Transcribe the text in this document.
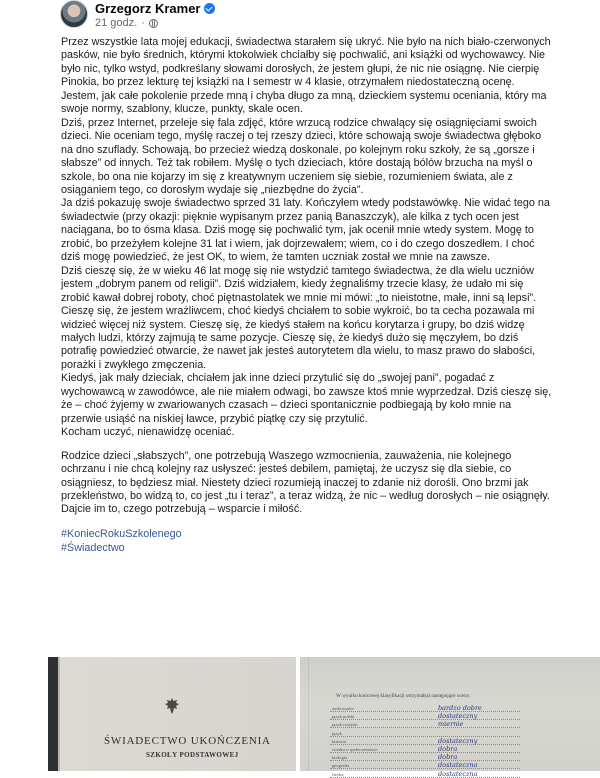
Grzegorz Kramer
21 godz. ·

Przez wszystkie lata mojej edukacji, świadectwa starałem się ukryć. Nie było na nich biało-czerwonych pasków, nie było średnich, którymi ktokolwiek chciałby się pochwalić, ani książki od wychowawcy. Nie było nic, tylko wstyd, podkreślany słowami dorosłych, że jestem głupi, że nic nie osiągnę. Nie cierpię Pinokia, bo przez lekturę tej książki na I semestr w 4 klasie, otrzymałem niedostateczną ocenę. Jestem, jak całe pokolenie przede mną i chyba długo za mną, dzieckiem systemu oceniania, który ma swoje normy, szablony, klucze, punkty, skale ocen.

Dziś, przez Internet, przeleje się fala zdjęć, które wrzucą rodzice chwalący się osiągnięciami swoich dzieci. Nie oceniam tego, myślę raczej o tej rzeszy dzieci, które schowają swoje świadectwa głęboko na dno szuflady. Schowają, bo przecież wiedzą doskonale, po kolejnym roku szkoły, że są „gorsze i słabsze” od innych. Też tak robiłem. Myślę o tych dzieciach, które dostają bólów brzucha na myśl o szkole, bo ona nie kojarzy im się z kreatywnym uczeniem się siebie, rozumieniem świata, ale z osiąganiem tego, co dorosłym wydaje się „niezbędne do życia”.

Ja dziś pokazuję swoje świadectwo sprzed 31 laty. Kończyłem wtedy podstawówkę. Nie widać tego na świadectwie (przy okazji: pięknie wypisanym przez panią Banaszczyk), ale kilka z tych ocen jest naciągana, bo to ósma klasa. Dziś mogę się pochwalić tym, jak ocenił mnie wtedy system. Mogę to zrobić, bo przeżyłem kolejne 31 lat i wiem, jak dojrzewałem; wiem, co i do czego doszedłem. I choć dziś mogę powiedzieć, że jest OK, to wiem, że tamten uczniak został we mnie na zawsze.

Dziś cieszę się, że w wieku 46 lat mogę się nie wstydzić tamtego świadectwa, że dla wielu uczniów jestem „dobrym panem od religii”. Dziś widziałem, kiedy żegnaliśmy trzecie klasy, że udało mi się zrobić kawał dobrej roboty, choć piętnastolatek we mnie mi mówi: „to nieistotne, małe, inni są lepsi”. Cieszę się, że jestem wrażliwcem, choć kiedyś chciałem to sobie wykroić, bo ta cecha pozawala mi widzieć więcej niż system. Cieszę się, że kiedyś stałem na końcu korytarza i grupy, bo dziś widzę małych ludzi, którzy zajmują te same pozycje. Cieszę się, że kiedyś dużo się męczyłem, bo dziś potrafię powiedzieć otwarcie, że nawet jak jesteś autorytetem dla wielu, to masz prawo do słabości, porażki i zwykłego zmęczenia.

Kiedyś, jak mały dzieciak, chciałem jak inne dzieci przytulić się do „swojej pani”, pogadać z wychowawcą w zawodówce, ale nie miałem odwagi, bo zawsze ktoś mnie wyprzedzał. Dziś cieszę się, że – choć żyjemy w zwariowanych czasach – dzieci spontanicznie podbiegają by koło mnie na przerwie usiąść na niskiej ławce, przybić piątkę czy się przytulić.

Kocham uczyć, nienawidzę oceniać.

Rodzice dzieci „słabszych”, one potrzebują Waszego wzmocnienia, zauważenia, nie kolejnego ochrzanu i nie chcą kolejny raz usłyszeć: jesteś debilem, pamiętaj, że uczysz się dla siebie, co osiągniesz, to będziesz miał. Niestety dzieci rozumieją inaczej to zdanie niż dorośli. Ono brzmi jak przekleństwo, bo widzą to, co jest „tu i teraz”, a teraz widzą, że nic – według dorosłych – nie osiągnęły. Dajcie im to, czego potrzebują – wsparcie i miłość.

#KoniecRokuSzkolenego
#Świadectwo
ŚWIADECTWO UKOŃCZENIA
SZKOŁY PODSTAWOWEJ
W wyniku końcowej klasyfikacji otrzymał(a) następujące oceny:
zachowanie	bardzo dobre
język polski	dostateczny
język rosyjski	miernie
język
historia	dostateczny
wiedza o społeczeństwie	dobra
biologia	dobra
geografia	dostateczna
fizyka	dostateczna
